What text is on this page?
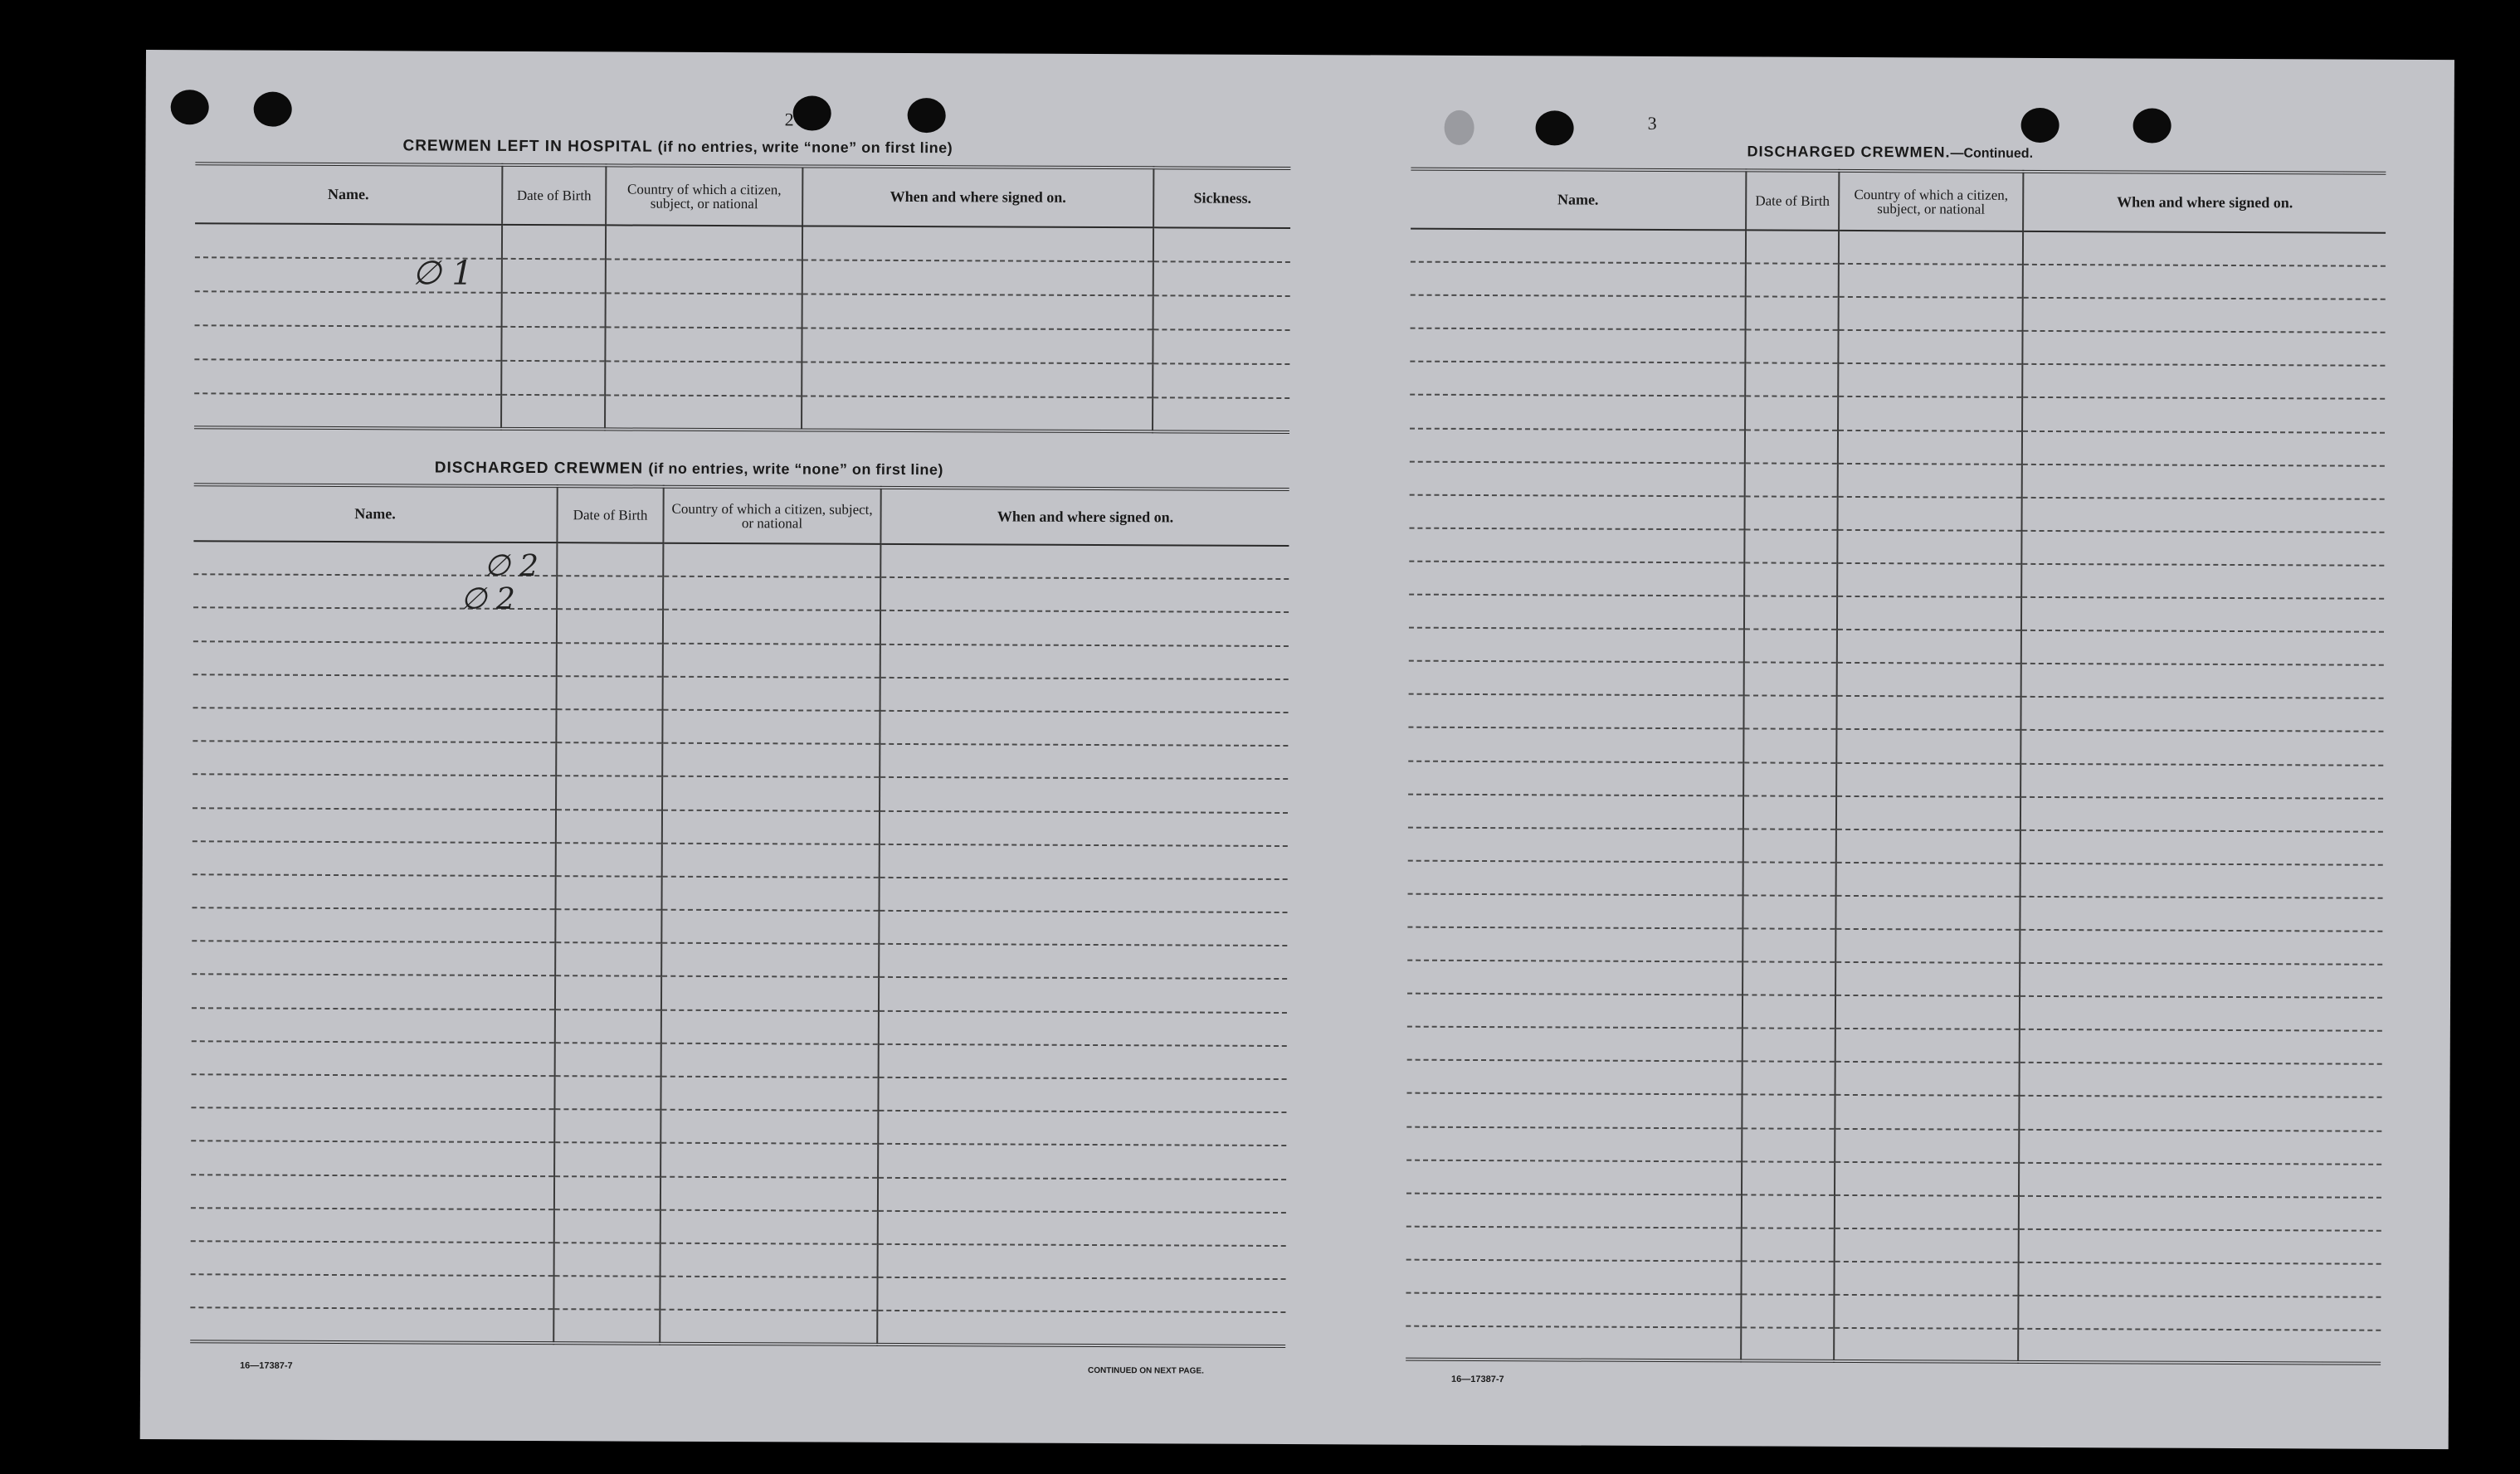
2
CREWMEN LEFT IN HOSPITAL (if no entries, write “none” on first line)
Name.	Date of Birth	Country of which a citizen, subject, or national	When and where signed on.	Sickness.

∅ 1
DISCHARGED CREWMEN (if no entries, write “none” on first line)
Name.	Date of Birth	Country of which a citizen, subject, or national	When and where signed on.

∅ 2
∅ 2
16—17387-7	CONTINUED ON NEXT PAGE.
3
DISCHARGED CREWMEN.—Continued.
Name.	Date of Birth	Country of which a citizen, subject, or national	When and where signed on.

16—17387-7
